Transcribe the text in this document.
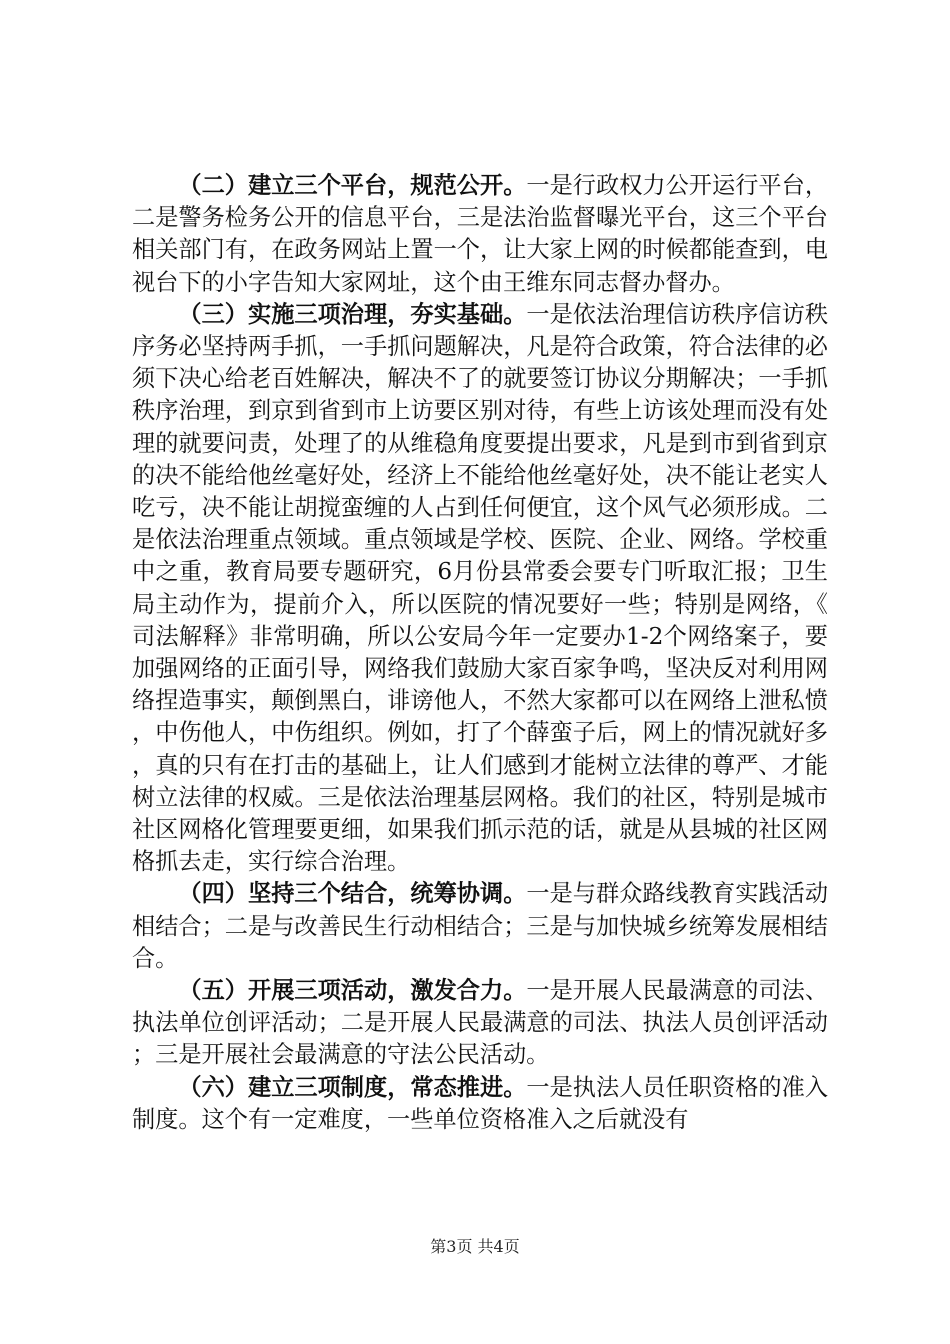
（二）建立三个平台，规范公开。一是行政权力公开运行平台，二是警务检务公开的信息平台，三是法治监督曝光平台，这三个平台相关部门有，在政务网站上置一个，让大家上网的时候都能查到，电视台下的小字告知大家网址，这个由王维东同志督办督办。

（三）实施三项治理，夯实基础。一是依法治理信访秩序信访秩序务必坚持两手抓，一手抓问题解决，凡是符合政策，符合法律的必须下决心给老百姓解决，解决不了的就要签订协议分期解决；一手抓秩序治理，到京到省到市上访要区别对待，有些上访该处理而没有处理的就要问责，处理了的从维稳角度要提出要求，凡是到市到省到京的决不能给他丝毫好处，经济上不能给他丝毫好处，决不能让老实人吃亏，决不能让胡搅蛮缠的人占到任何便宜，这个风气必须形成。二是依法治理重点领域。重点领域是学校、医院、企业、网络。学校重中之重，教育局要专题研究，6月份县常委会要专门听取汇报；卫生局主动作为，提前介入，所以医院的情况要好一些；特别是网络，《司法解释》非常明确，所以公安局今年一定要办1-2个网络案子，要加强网络的正面引导，网络我们鼓励大家百家争鸣，坚决反对利用网络捏造事实，颠倒黑白，诽谤他人，不然大家都可以在网络上泄私愤，中伤他人，中伤组织。例如，打了个薛蛮子后，网上的情况就好多，真的只有在打击的基础上，让人们感到才能树立法律的尊严、才能树立法律的权威。三是依法治理基层网格。我们的社区，特别是城市社区网格化管理要更细，如果我们抓示范的话，就是从县城的社区网格抓去走，实行综合治理。

（四）坚持三个结合，统筹协调。一是与群众路线教育实践活动相结合；二是与改善民生行动相结合；三是与加快城乡统筹发展相结合。

（五）开展三项活动，激发合力。一是开展人民最满意的司法、执法单位创评活动；二是开展人民最满意的司法、执法人员创评活动；三是开展社会最满意的守法公民活动。

（六）建立三项制度，常态推进。一是执法人员任职资格的准入制度。这个有一定难度，一些单位资格准入之后就没有

第3页 共4页
